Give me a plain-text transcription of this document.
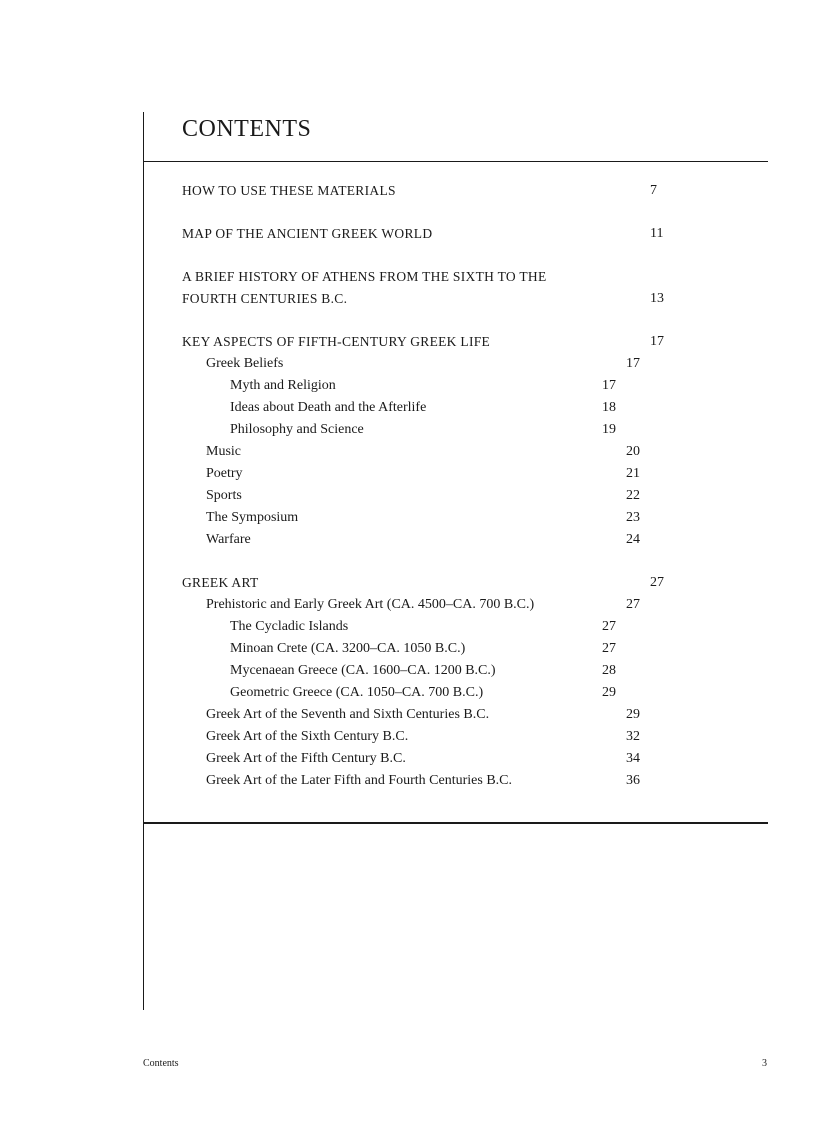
CONTENTS
HOW TO USE THESE MATERIALS	7
MAP OF THE ANCIENT GREEK WORLD	11
A BRIEF HISTORY OF ATHENS FROM THE SIXTH TO THE FOURTH CENTURIES B.C.	13
KEY ASPECTS OF FIFTH-CENTURY GREEK LIFE	17
Greek Beliefs	17
Myth and Religion	17
Ideas about Death and the Afterlife	18
Philosophy and Science	19
Music	20
Poetry	21
Sports	22
The Symposium	23
Warfare	24
GREEK ART	27
Prehistoric and Early Greek Art (CA. 4500–CA. 700 B.C.)	27
The Cycladic Islands	27
Minoan Crete (CA. 3200–CA. 1050 B.C.)	27
Mycenaean Greece (CA. 1600–CA. 1200 B.C.)	28
Geometric Greece (CA. 1050–CA. 700 B.C.)	29
Greek Art of the Seventh and Sixth Centuries B.C.	29
Greek Art of the Sixth Century B.C.	32
Greek Art of the Fifth Century B.C.	34
Greek Art of the Later Fifth and Fourth Centuries B.C.	36
Contents	3
